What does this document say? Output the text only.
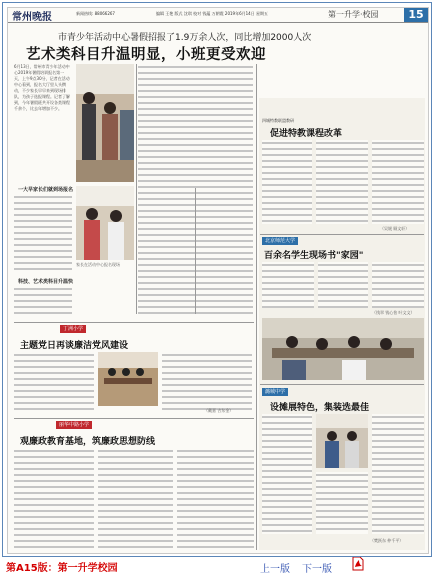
常州晚报	新闻热线: 88066267	编辑 王艳 版式 沈琪 校对 钱蕴 万朝霞 2019年6月14日 星期五	第一升学·校园	15
市青少年活动中心暑假招报了1.9万余人次，同比增加2000人次
艺术类科目升温明显，小班更受欢迎
6月13日，常州市青少年活动中心2019年暑假培训报名第一天，上午9点30分，记者在活动中心看到，报名大厅里人头攒动，不少家长早早来到现场排队，为孩子选报课程。记者了解到，今年暑假班共开设各类课程千余个，比去年增加不少。
一大早家长们就到场报名
科技、艺术类科目升温快
家长在活动中心报名现场
丁洲小学
主题党日再谈廉洁党风建设
（戴嘉 吉东金）
丽华中路小学
观廉政教育基地，筑廉政思想防线
四城特教联盟教研
促进特教课程改革
（吴媛 顾文轩）
北京师范大学
百余名学生现场书"家园"
（钱翠 钱心怡 叶文文）
潞城中学
设摊展特色，集装选最佳
（樊跃东 仲千平）
第A15版：第一升学校园	上一版 下一版
